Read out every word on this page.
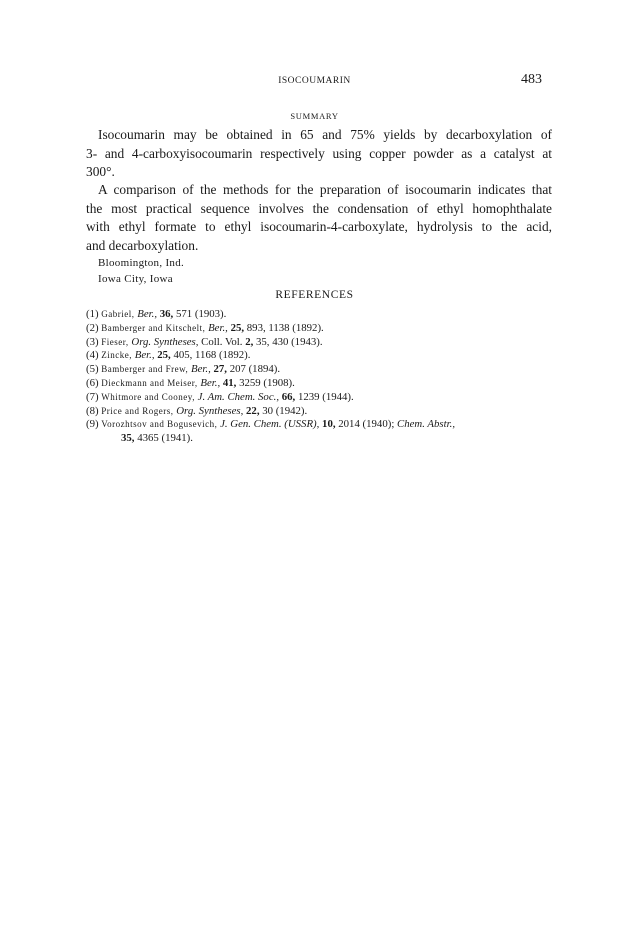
ISOCOUMARIN	483
SUMMARY
Isocoumarin may be obtained in 65 and 75% yields by decarboxylation of
3- and 4-carboxyisocoumarin respectively using copper powder as a catalyst at
300°.
A comparison of the methods for the preparation of isocoumarin indicates that
the most practical sequence involves the condensation of ethyl homophthalate
with ethyl formate to ethyl isocoumarin-4-carboxylate, hydrolysis to the acid,
and decarboxylation.
Bloomington, Ind.
Iowa City, Iowa
REFERENCES
(1) Gabriel, Ber., 36, 571 (1903).
(2) Bamberger and Kitschelt, Ber., 25, 893, 1138 (1892).
(3) Fieser, Org. Syntheses, Coll. Vol. 2, 35, 430 (1943).
(4) Zincke, Ber., 25, 405, 1168 (1892).
(5) Bamberger and Frew, Ber., 27, 207 (1894).
(6) Dieckmann and Meiser, Ber., 41, 3259 (1908).
(7) Whitmore and Cooney, J. Am. Chem. Soc., 66, 1239 (1944).
(8) Price and Rogers, Org. Syntheses, 22, 30 (1942).
(9) Vorozhtsov and Bogusevich, J. Gen. Chem. (USSR), 10, 2014 (1940); Chem. Abstr.,
35, 4365 (1941).
